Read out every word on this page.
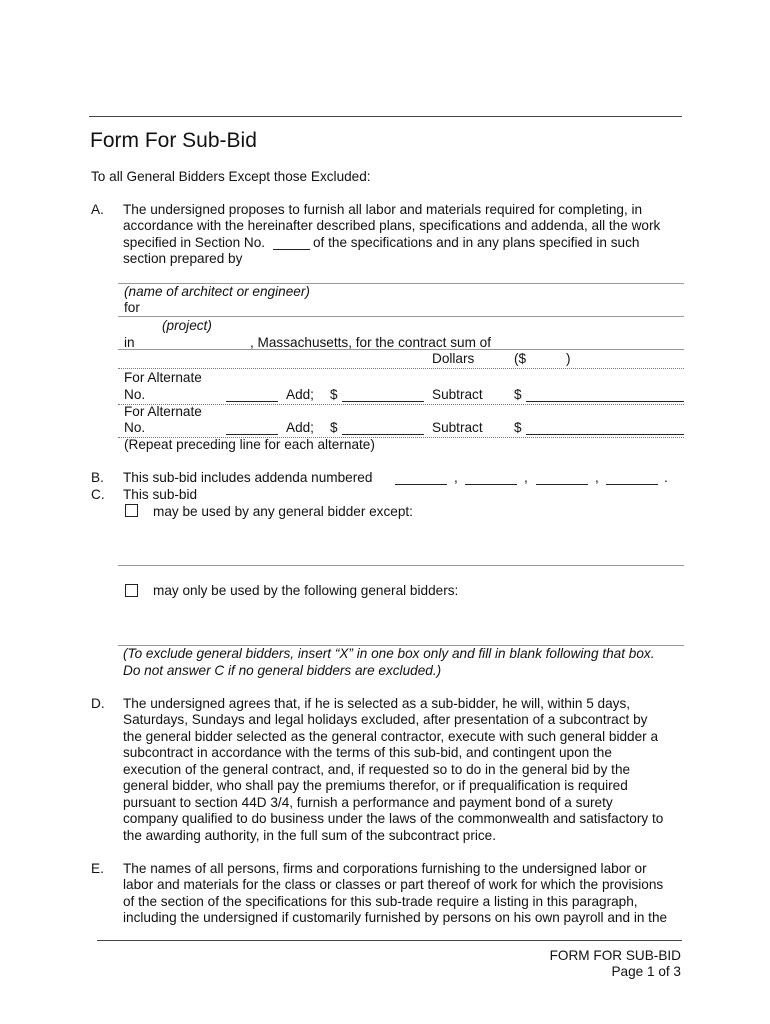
Form For Sub-Bid
To all General Bidders Except those Excluded:
A. The undersigned proposes to furnish all labor and materials required for completing, in
accordance with the hereinafter described plans, specifications and addenda, all the work
specified in Section No.	of the specifications and in any plans specified in such
section prepared by
(name of architect or engineer)
for
(project)
in	, Massachusetts, for the contract sum of
Dollars	($	)
For Alternate
No.	Add; $	Subtract $
For Alternate
No.	Add; $	Subtract $
(Repeat preceding line for each alternate)
B. This sub-bid includes addenda numbered	,	,	,	.
C. This sub-bid
may be used by any general bidder except:
may only be used by the following general bidders:
(To exclude general bidders, insert “X” in one box only and fill in blank following that box.
Do not answer C if no general bidders are excluded.)
D. The undersigned agrees that, if he is selected as a sub-bidder, he will, within 5 days,
Saturdays, Sundays and legal holidays excluded, after presentation of a subcontract by
the general bidder selected as the general contractor, execute with such general bidder a
subcontract in accordance with the terms of this sub-bid, and contingent upon the
execution of the general contract, and, if requested so to do in the general bid by the
general bidder, who shall pay the premiums therefor, or if prequalification is required
pursuant to section 44D 3/4, furnish a performance and payment bond of a surety
company qualified to do business under the laws of the commonwealth and satisfactory to
the awarding authority, in the full sum of the subcontract price.
E. The names of all persons, firms and corporations furnishing to the undersigned labor or
labor and materials for the class or classes or part thereof of work for which the provisions
of the section of the specifications for this sub-trade require a listing in this paragraph,
including the undersigned if customarily furnished by persons on his own payroll and in the
FORM FOR SUB-BID
Page 1 of 3
